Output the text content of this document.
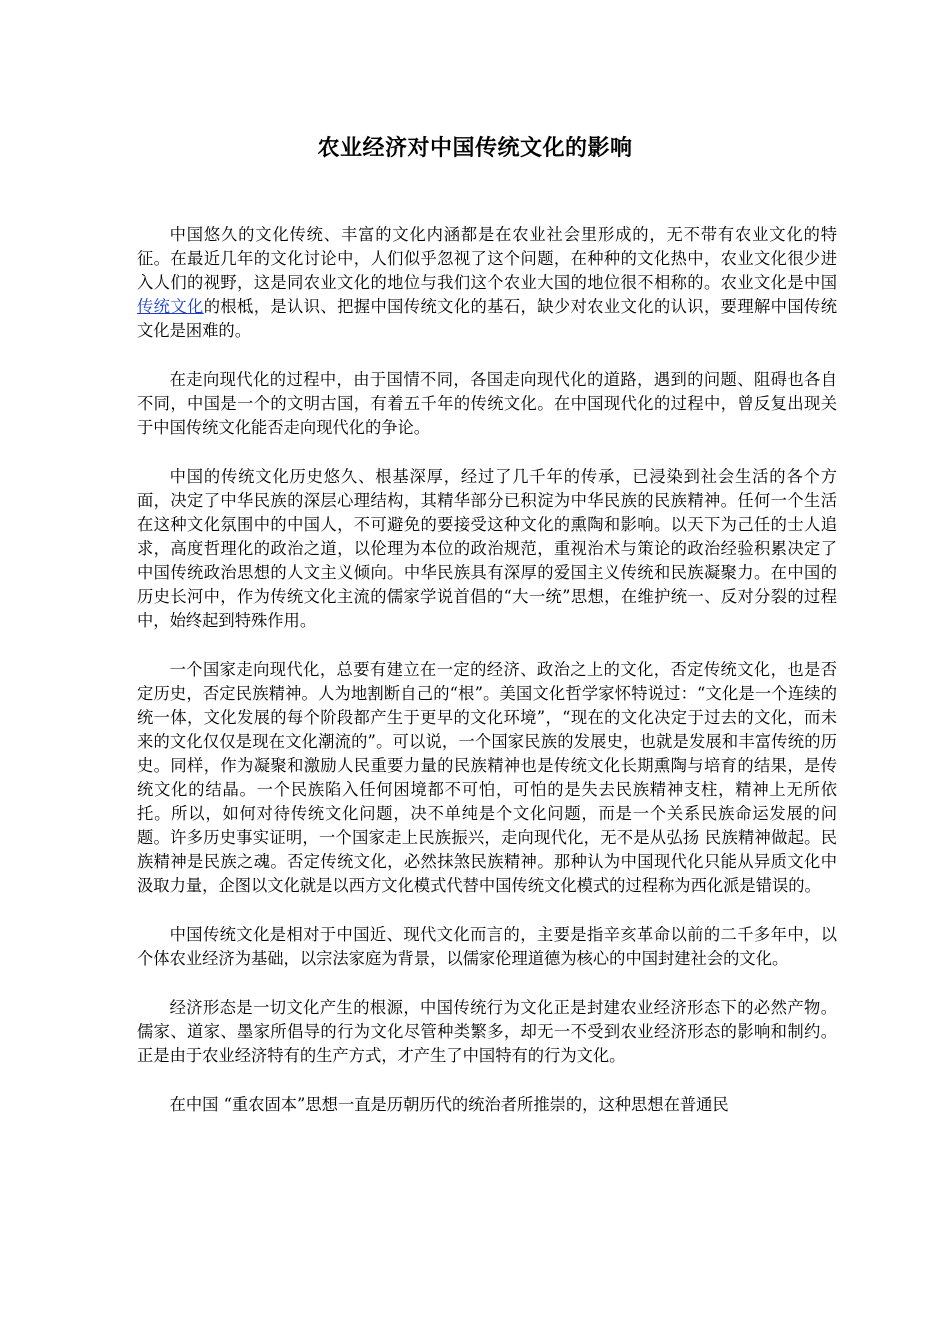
农业经济对中国传统文化的影响

中国悠久的文化传统、丰富的文化内涵都是在农业社会里形成的，无不带有农业文化的特征。在最近几年的文化讨论中，人们似乎忽视了这个问题，在种种的文化热中，农业文化很少进入人们的视野，这是同农业文化的地位与我们这个农业大国的地位很不相称的。农业文化是中国传统文化的根柢，是认识、把握中国传统文化的基石，缺少对农业文化的认识，要理解中国传统文化是困难的。

在走向现代化的过程中，由于国情不同，各国走向现代化的道路，遇到的问题、阻碍也各自不同，中国是一个的文明古国，有着五千年的传统文化。在中国现代化的过程中，曾反复出现关于中国传统文化能否走向现代化的争论。

中国的传统文化历史悠久、根基深厚，经过了几千年的传承，已浸染到社会生活的各个方面，决定了中华民族的深层心理结构，其精华部分已积淀为中华民族的民族精神。任何一个生活在这种文化氛围中的中国人，不可避免的要接受这种文化的熏陶和影响。以天下为己任的士人追求，高度哲理化的政治之道，以伦理为本位的政治规范，重视治术与策论的政治经验积累决定了中国传统政治思想的人文主义倾向。中华民族具有深厚的爱国主义传统和民族凝聚力。在中国的历史长河中，作为传统文化主流的儒家学说首倡的“大一统”思想，在维护统一、反对分裂的过程中，始终起到特殊作用。

一个国家走向现代化，总要有建立在一定的经济、政治之上的文化，否定传统文化，也是否定历史，否定民族精神。人为地割断自己的“根”。美国文化哲学家怀特说过：“文化是一个连续的统一体，文化发展的每个阶段都产生于更早的文化环境”，“现在的文化决定于过去的文化，而未来的文化仅仅是现在文化潮流的”。可以说，一个国家民族的发展史，也就是发展和丰富传统的历史。同样，作为凝聚和激励人民重要力量的民族精神也是传统文化长期熏陶与培育的结果，是传统文化的结晶。一个民族陷入任何困境都不可怕，可怕的是失去民族精神支柱，精神上无所依托。所以，如何对待传统文化问题，决不单纯是个文化问题，而是一个关系民族命运发展的问题。许多历史事实证明，一个国家走上民族振兴，走向现代化，无不是从弘扬 民族精神做起。民族精神是民族之魂。否定传统文化，必然抹煞民族精神。那种认为中国现代化只能从异质文化中汲取力量，企图以文化就是以西方文化模式代替中国传统文化模式的过程称为西化派是错误的。

中国传统文化是相对于中国近、现代文化而言的，主要是指辛亥革命以前的二千多年中，以个体农业经济为基础，以宗法家庭为背景，以儒家伦理道德为核心的中国封建社会的文化。

经济形态是一切文化产生的根源，中国传统行为文化正是封建农业经济形态下的必然产物。儒家、道家、墨家所倡导的行为文化尽管种类繁多，却无一不受到农业经济形态的影响和制约。正是由于农业经济特有的生产方式，才产生了中国特有的行为文化。

在中国 “重农固本”思想一直是历朝历代的统治者所推崇的，这种思想在普通民
